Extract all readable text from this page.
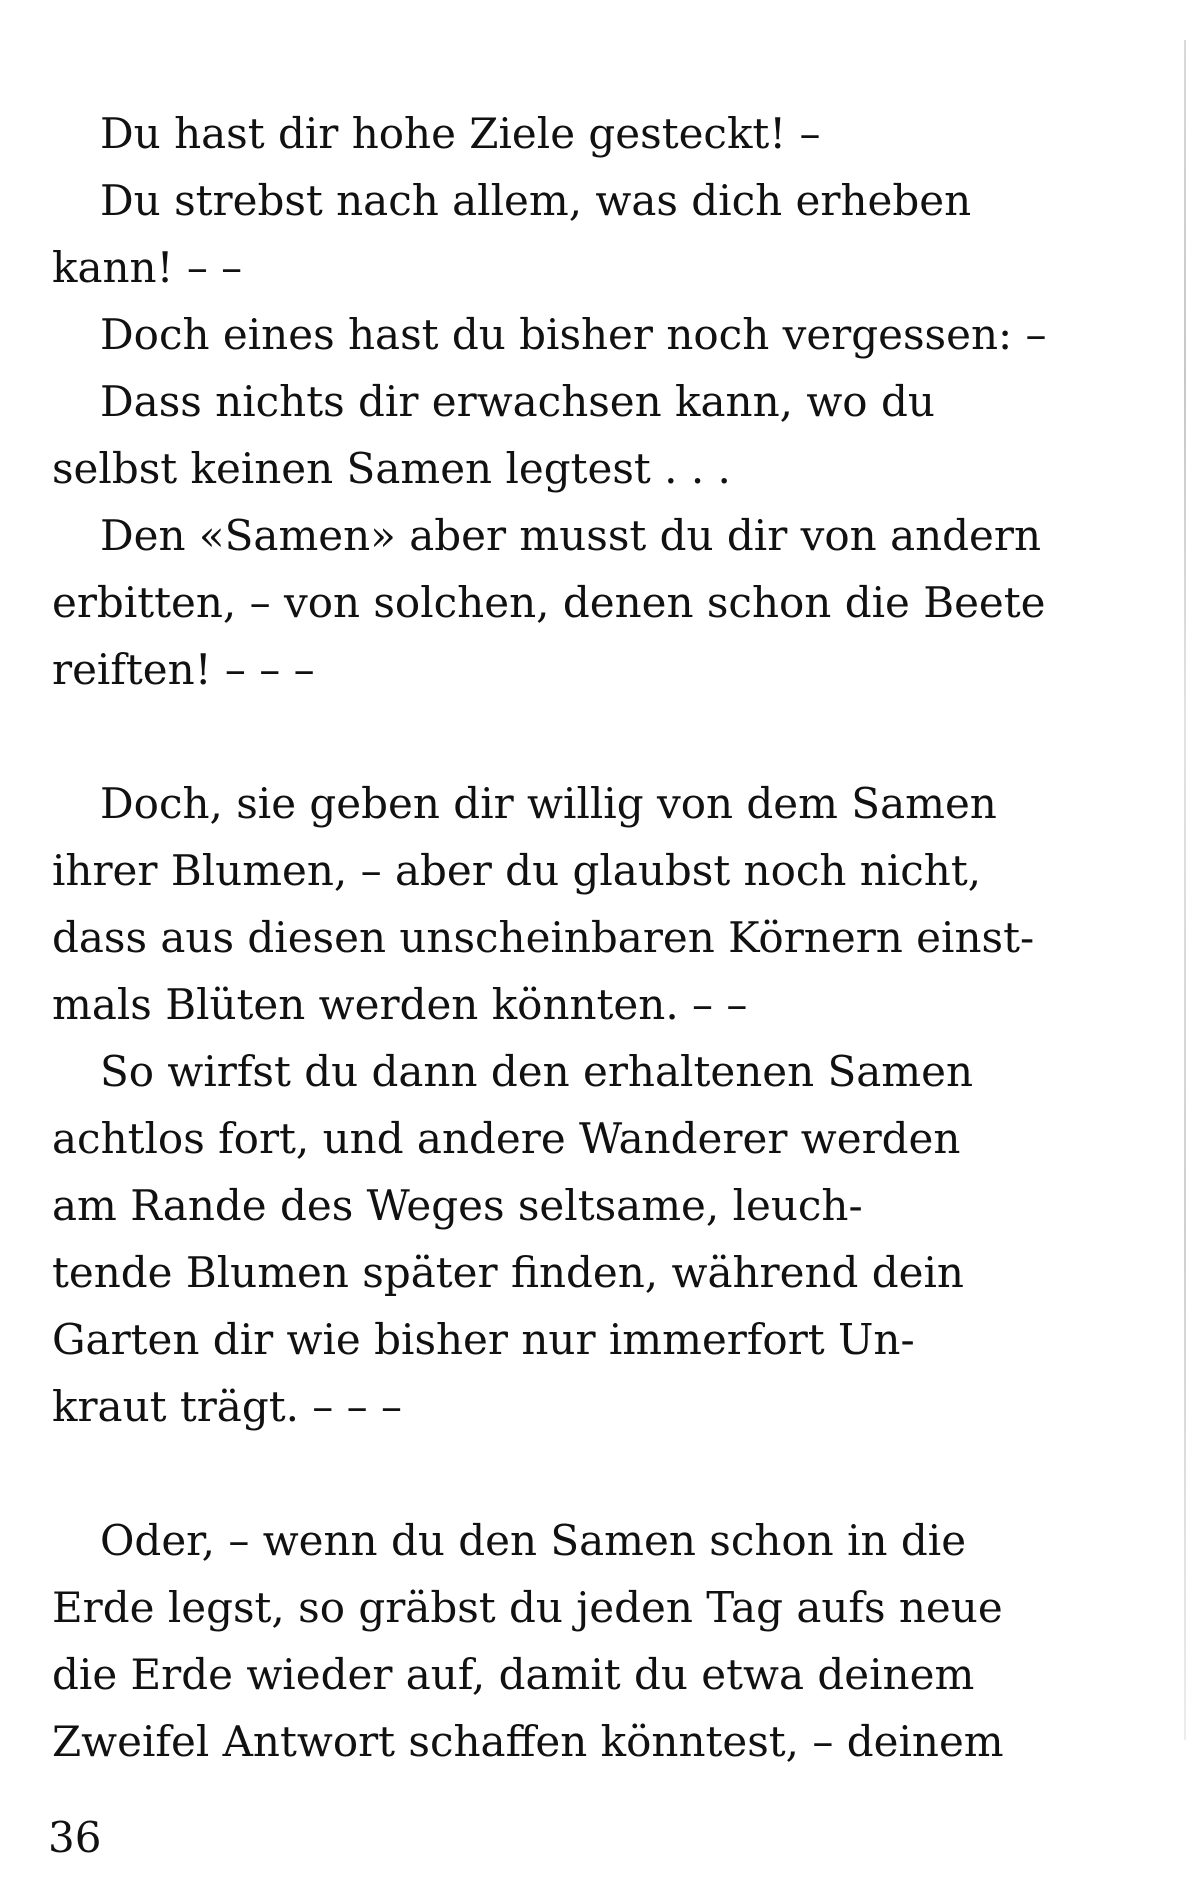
Du hast dir hohe Ziele gesteckt! –
Du strebst nach allem, was dich erheben
kann! – –
Doch eines hast du bisher noch vergessen: –
Dass nichts dir erwachsen kann, wo du
selbst keinen Samen legtest . . .
Den «Samen» aber musst du dir von andern
erbitten, – von solchen, denen schon die Beete
reiften! – – –
Doch, sie geben dir willig von dem Samen
ihrer Blumen, – aber du glaubst noch nicht,
dass aus diesen unscheinbaren Körnern einst-
mals Blüten werden könnten. – –
So wirfst du dann den erhaltenen Samen
achtlos fort, und andere Wanderer werden
am Rande des Weges seltsame, leuch-
tende Blumen später finden, während dein
Garten dir wie bisher nur immerfort Un-
kraut trägt. – – –
Oder, – wenn du den Samen schon in die
Erde legst, so gräbst du jeden Tag aufs neue
die Erde wieder auf, damit du etwa deinem
Zweifel Antwort schaffen könntest, – deinem
36
